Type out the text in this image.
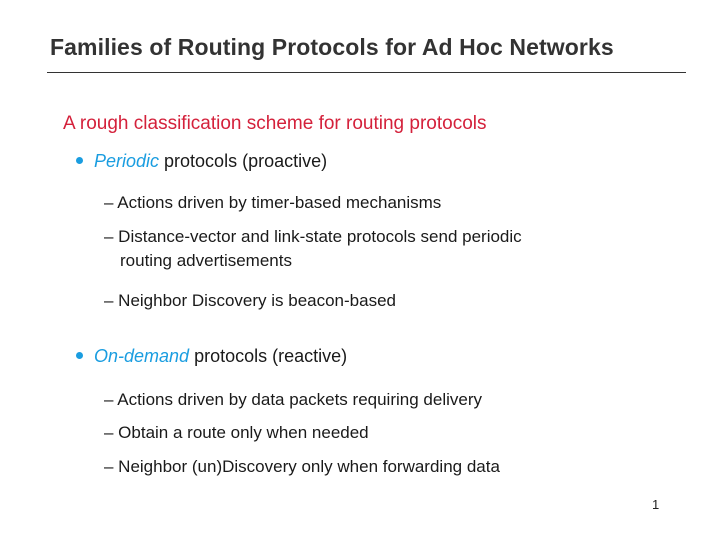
Families of Routing Protocols for Ad Hoc Networks
A rough classification scheme for routing protocols
Periodic protocols (proactive)
– Actions driven by timer-based mechanisms
– Distance-vector and link-state protocols send periodic
routing advertisements
– Neighbor Discovery is beacon-based
On-demand protocols (reactive)
– Actions driven by data packets requiring delivery
– Obtain a route only when needed
– Neighbor (un)Discovery only when forwarding data
1
